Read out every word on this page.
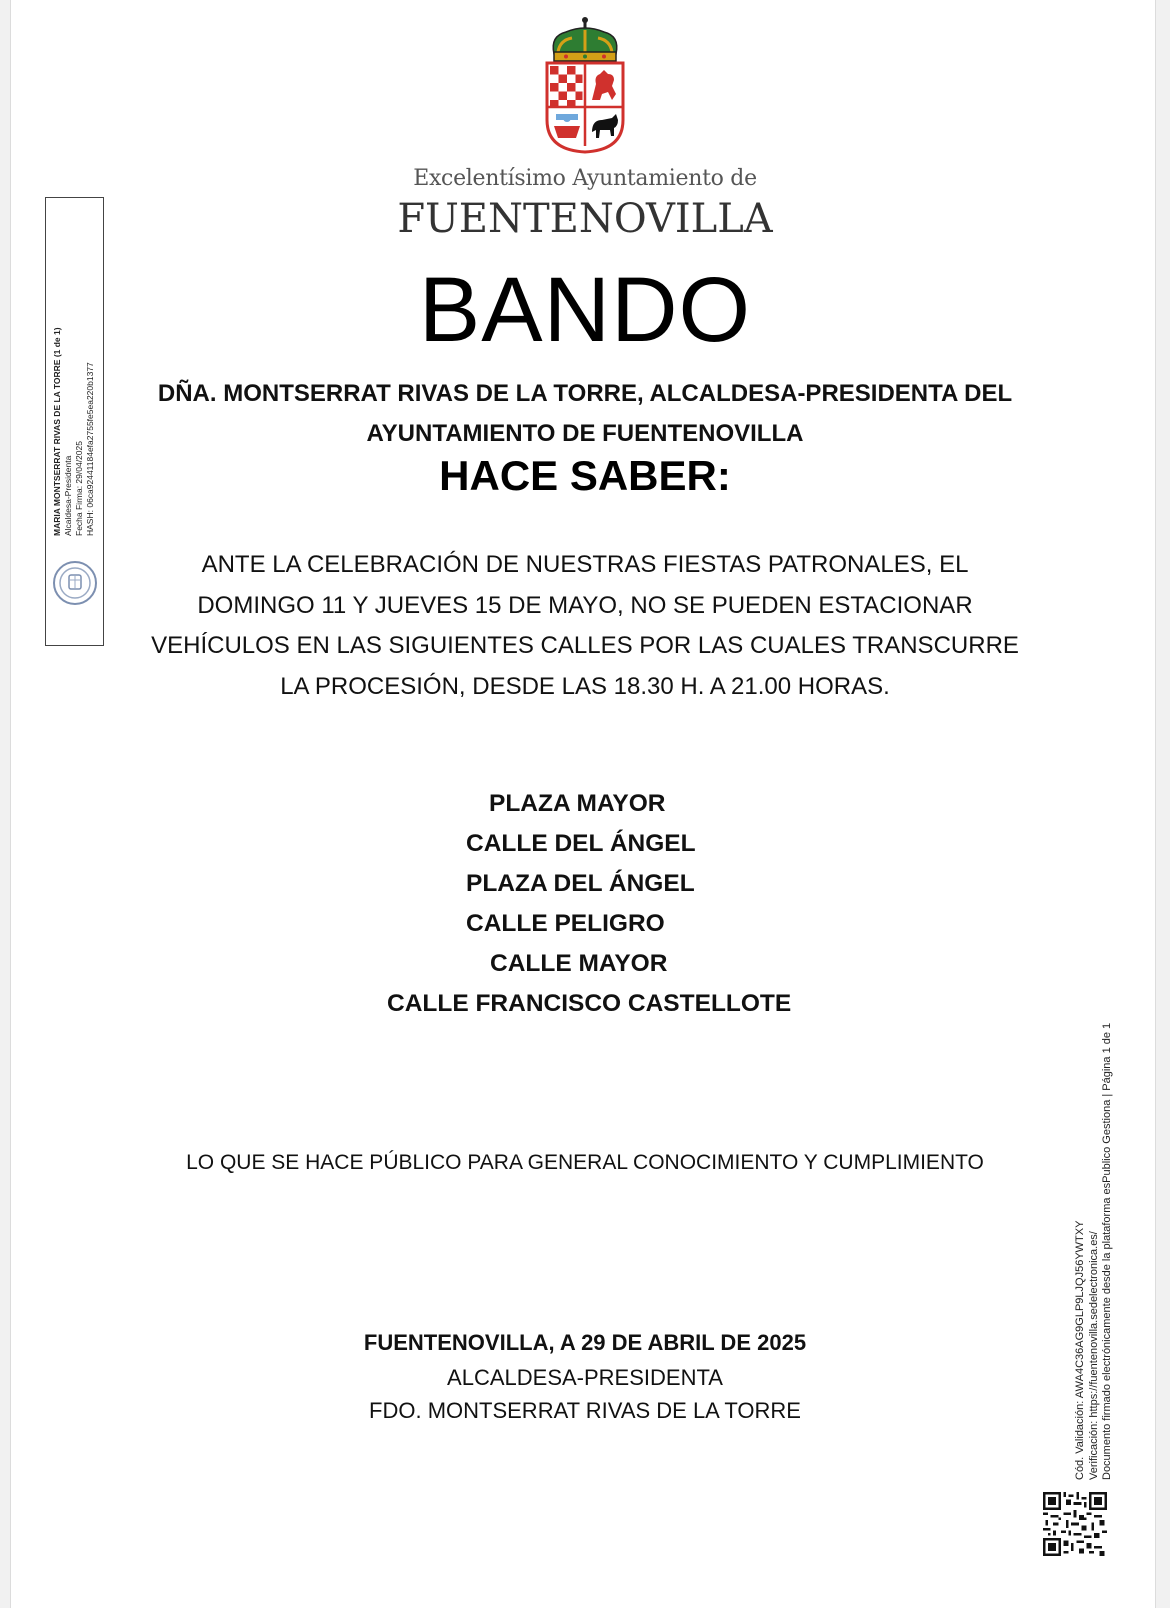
Excelentísimo Ayuntamiento de
FUENTENOVILLA
BANDO
DÑA. MONTSERRAT RIVAS DE LA TORRE, ALCALDESA-PRESIDENTA DEL
AYUNTAMIENTO DE FUENTENOVILLA
HACE SABER:
ANTE LA CELEBRACIÓN DE NUESTRAS FIESTAS PATRONALES, EL
DOMINGO 11 Y JUEVES 15 DE MAYO, NO SE PUEDEN ESTACIONAR
VEHÍCULOS EN LAS SIGUIENTES CALLES POR LAS CUALES TRANSCURRE
LA PROCESIÓN, DESDE LAS 18.30 H. A 21.00 HORAS.
PLAZA MAYOR
CALLE DEL ÁNGEL
PLAZA DEL ÁNGEL
CALLE PELIGRO
CALLE MAYOR
CALLE FRANCISCO CASTELLOTE
LO QUE SE HACE PÚBLICO PARA GENERAL CONOCIMIENTO Y CUMPLIMIENTO
FUENTENOVILLA, A 29 DE ABRIL DE 2025
ALCALDESA-PRESIDENTA
FDO. MONTSERRAT RIVAS DE LA TORRE
MARIA MONTSERRAT RIVAS DE LA TORRE (1 de 1) Alcaldesa-Presidenta Fecha Firma: 29/04/2025 HASH: 06ca92441184efa2755fe5ea220b1377
Cód. Validación: AWA4C36AG9GLP9LJQJ56YWTXY Verificación: https://fuentenovilla.sedelectronica.es/ Documento firmado electrónicamente desde la plataforma esPublico Gestiona | Página 1 de 1
